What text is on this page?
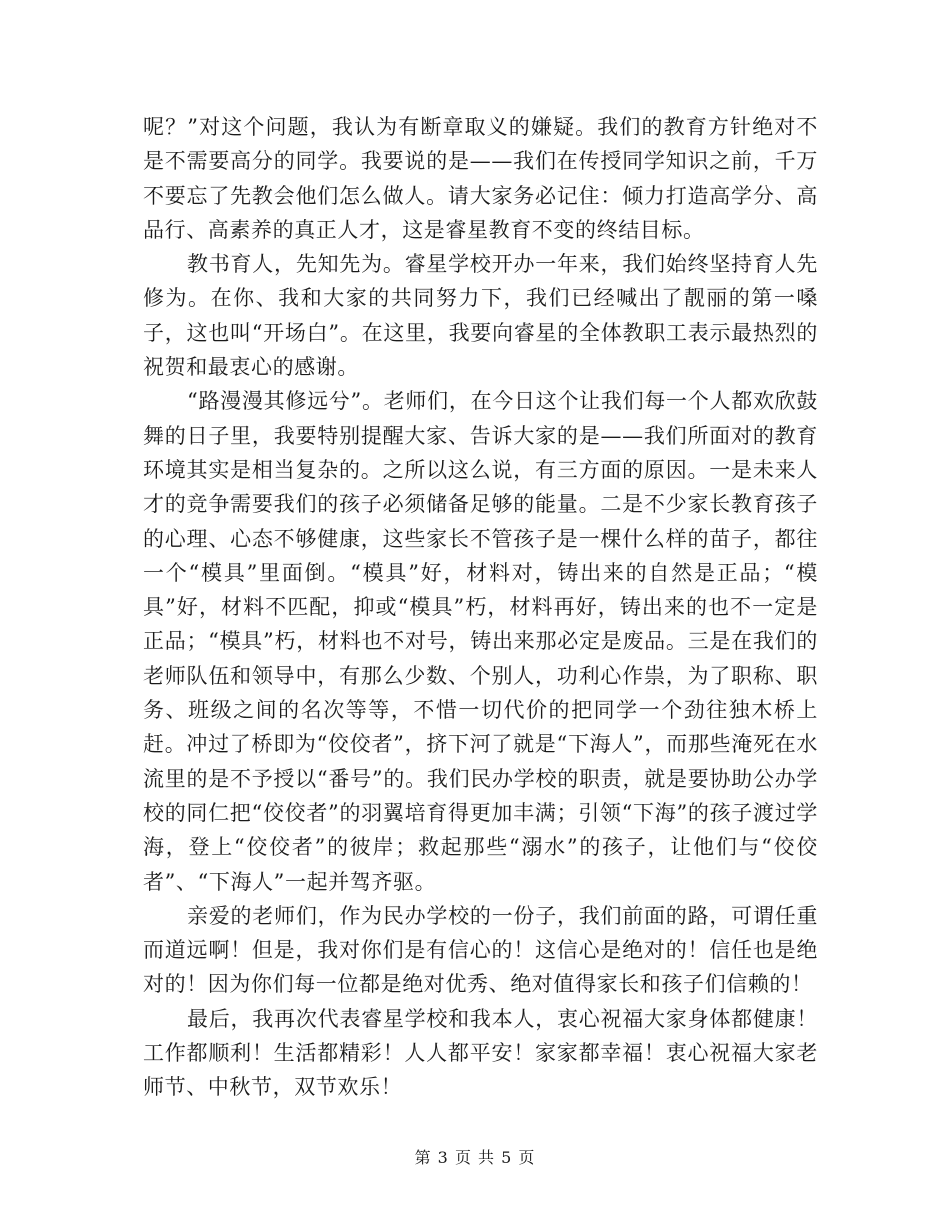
呢？”对这个问题，我认为有断章取义的嫌疑。我们的教育方针绝对不是不需要高分的同学。我要说的是——我们在传授同学知识之前，千万不要忘了先教会他们怎么做人。请大家务必记住：倾力打造高学分、高品行、高素养的真正人才，这是睿星教育不变的终结目标。

教书育人，先知先为。睿星学校开办一年来，我们始终坚持育人先修为。在你、我和大家的共同努力下，我们已经喊出了靓丽的第一嗓子，这也叫“开场白”。在这里，我要向睿星的全体教职工表示最热烈的祝贺和最衷心的感谢。

“路漫漫其修远兮”。老师们，在今日这个让我们每一个人都欢欣鼓舞的日子里，我要特别提醒大家、告诉大家的是——我们所面对的教育环境其实是相当复杂的。之所以这么说，有三方面的原因。一是未来人才的竞争需要我们的孩子必须储备足够的能量。二是不少家长教育孩子的心理、心态不够健康，这些家长不管孩子是一棵什么样的苗子，都往一个“模具”里面倒。“模具”好，材料对，铸出来的自然是正品；“模具”好，材料不匹配，抑或“模具”朽，材料再好，铸出来的也不一定是正品；“模具”朽，材料也不对号，铸出来那必定是废品。三是在我们的老师队伍和领导中，有那么少数、个别人，功利心作祟，为了职称、职务、班级之间的名次等等，不惜一切代价的把同学一个劲往独木桥上赶。冲过了桥即为“佼佼者”，挤下河了就是“下海人”，而那些淹死在水流里的是不予授以“番号”的。我们民办学校的职责，就是要协助公办学校的同仁把“佼佼者”的羽翼培育得更加丰满；引领“下海”的孩子渡过学海，登上“佼佼者”的彼岸；救起那些“溺水”的孩子，让他们与“佼佼者”、“下海人”一起并驾齐驱。

亲爱的老师们，作为民办学校的一份子，我们前面的路，可谓任重而道远啊！但是，我对你们是有信心的！这信心是绝对的！信任也是绝对的！因为你们每一位都是绝对优秀、绝对值得家长和孩子们信赖的！

最后，我再次代表睿星学校和我本人，衷心祝福大家身体都健康！工作都顺利！生活都精彩！人人都平安！家家都幸福！衷心祝福大家老师节、中秋节，双节欢乐！

第 3 页 共 5 页
